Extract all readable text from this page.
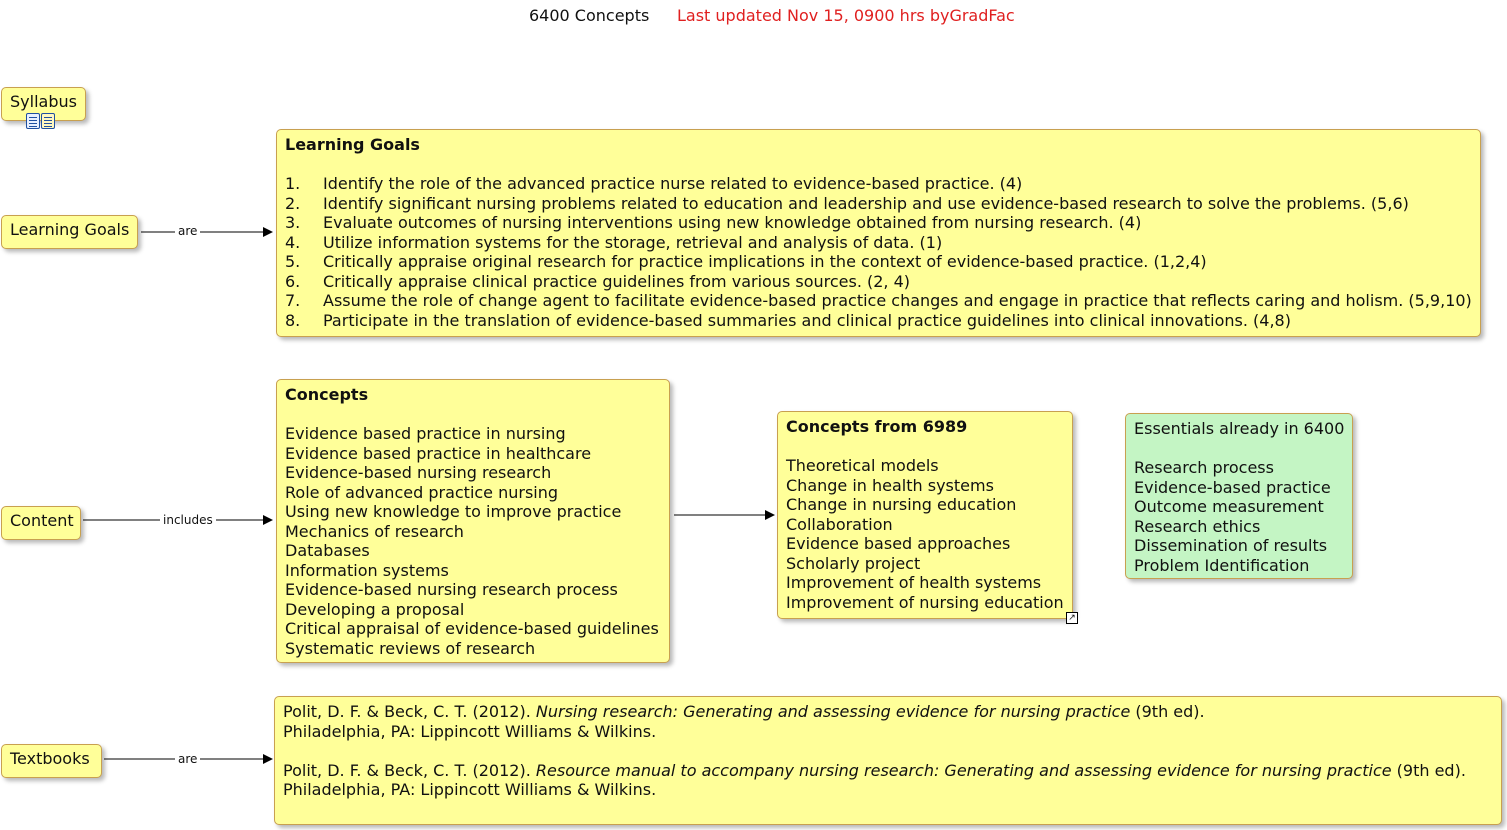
6400 Concepts Last updated Nov 15, 0900 hrs byGradFac
are
includes
are
Syllabus
Learning Goals
Content
Textbooks
Learning Goals
1.	Identify the role of the advanced practice nurse related to evidence-based practice. (4)
2.	Identify significant nursing problems related to education and leadership and use evidence-based research to solve the problems. (5,6)
3.	Evaluate outcomes of nursing interventions using new knowledge obtained from nursing research. (4)
4.	Utilize information systems for the storage, retrieval and analysis of data. (1)
5.	Critically appraise original research for practice implications in the context of evidence-based practice. (1,2,4)
6.	Critically appraise clinical practice guidelines from various sources. (2, 4)
7.	Assume the role of change agent to facilitate evidence-based practice changes and engage in practice that reflects caring and holism. (5,9,10)
8.	Participate in the translation of evidence-based summaries and clinical practice guidelines into clinical innovations. (4,8)
Concepts
Evidence based practice in nursing
Evidence based practice in healthcare
Evidence-based nursing research
Role of advanced practice nursing
Using new knowledge to improve practice
Mechanics of research
Databases
Information systems
Evidence-based nursing research process
Developing a proposal
Critical appraisal of evidence-based guidelines
Systematic reviews of research
Concepts from 6989
Theoretical models
Change in health systems
Change in nursing education
Collaboration
Evidence based approaches
Scholarly project
Improvement of health systems
Improvement of nursing education
↗
Essentials already in 6400
Research process
Evidence-based practice
Outcome measurement
Research ethics
Dissemination of results
Problem Identification
Polit, D. F. & Beck, C. T. (2012). Nursing research: Generating and assessing evidence for nursing practice (9th ed).
Philadelphia, PA: Lippincott Williams & Wilkins.
Polit, D. F. & Beck, C. T. (2012). Resource manual to accompany nursing research: Generating and assessing evidence for nursing practice (9th ed).
Philadelphia, PA: Lippincott Williams & Wilkins.
